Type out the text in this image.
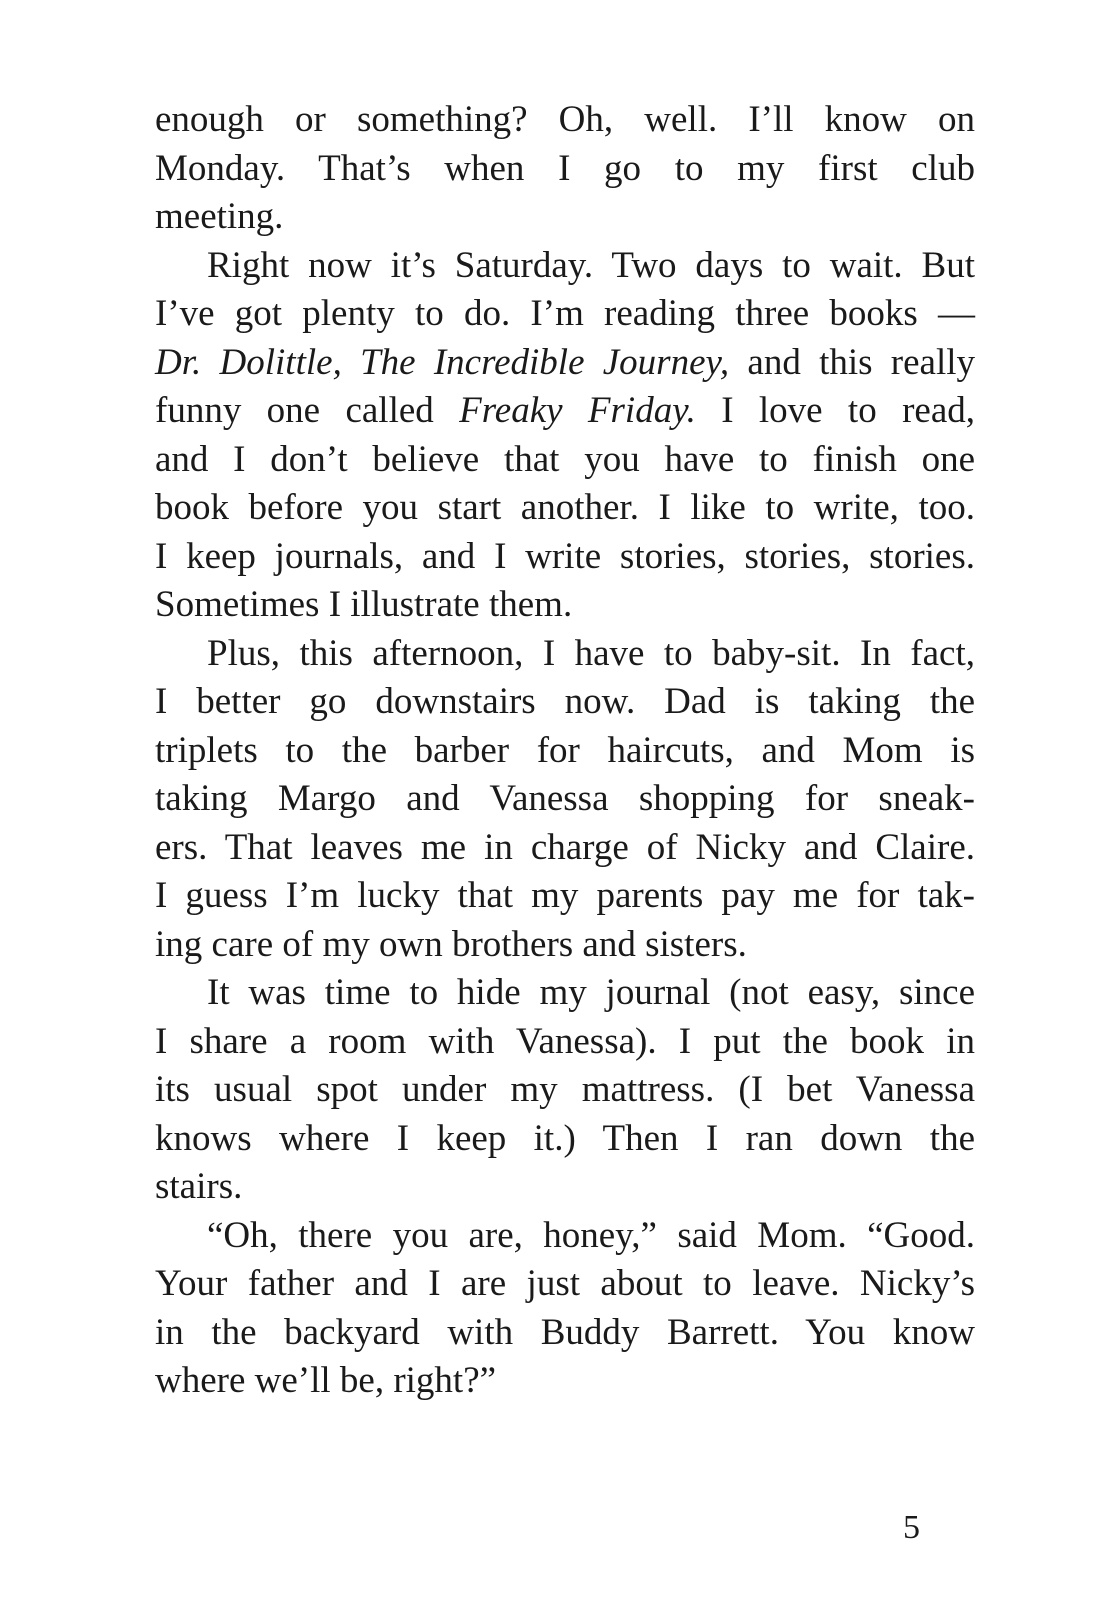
enough or something? Oh, well. I’ll know on
Monday. That’s when I go to my first club
meeting.
Right now it’s Saturday. Two days to wait. But
I’ve got plenty to do. I’m reading three books —
Dr. Dolittle, The Incredible Journey, and this really
funny one called Freaky Friday. I love to read,
and I don’t believe that you have to finish one
book before you start another. I like to write, too.
I keep journals, and I write stories, stories, stories.
Sometimes I illustrate them.
Plus, this afternoon, I have to baby-sit. In fact,
I better go downstairs now. Dad is taking the
triplets to the barber for haircuts, and Mom is
taking Margo and Vanessa shopping for sneak-
ers. That leaves me in charge of Nicky and Claire.
I guess I’m lucky that my parents pay me for tak-
ing care of my own brothers and sisters.
It was time to hide my journal (not easy, since
I share a room with Vanessa). I put the book in
its usual spot under my mattress. (I bet Vanessa
knows where I keep it.) Then I ran down the
stairs.
“Oh, there you are, honey,” said Mom. “Good.
Your father and I are just about to leave. Nicky’s
in the backyard with Buddy Barrett. You know
where we’ll be, right?”
5
